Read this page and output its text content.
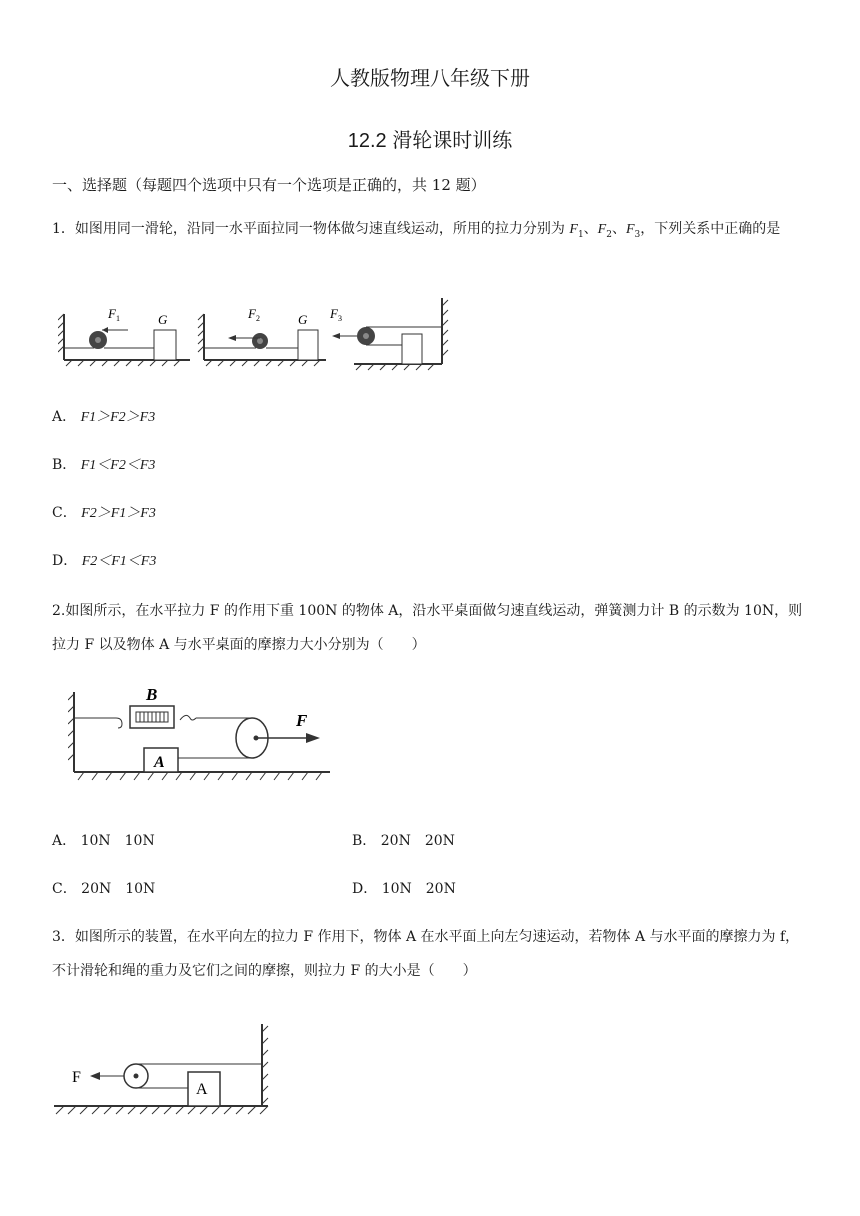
人教版物理八年级下册
12.2 滑轮课时训练
一、选择题（每题四个选项中只有一个选项是正确的，共 12 题）
1．如图用同一滑轮，沿同一水平面拉同一物体做匀速直线运动，所用的拉力分别为 $F_1$、$F_2$、$F_3$，下列关系中正确的是
F 1	G	F 2	G F 3
A． F1＞F2＞F3
B． F1＜F2＜F3
C． F2＞F1＞F3
D． F2＜F1＜F3
2.如图所示，在水平拉力 F 的作用下重 100N 的物体 A，沿水平桌面做匀速直线运动，弹簧测力计 B 的示数为 10N，则拉力 F 以及物体 A 与水平桌面的摩擦力大小分别为（　　）
B
F
A
A． 10N　10N	B． 20N　20N
C． 20N　10N	D． 10N　20N
3．如图所示的装置，在水平向左的拉力 F 作用下，物体 A 在水平面上向左匀速运动，若物体 A 与水平面的摩擦力为 f，不计滑轮和绳的重力及它们之间的摩擦，则拉力 F 的大小是（　　）
F
A
